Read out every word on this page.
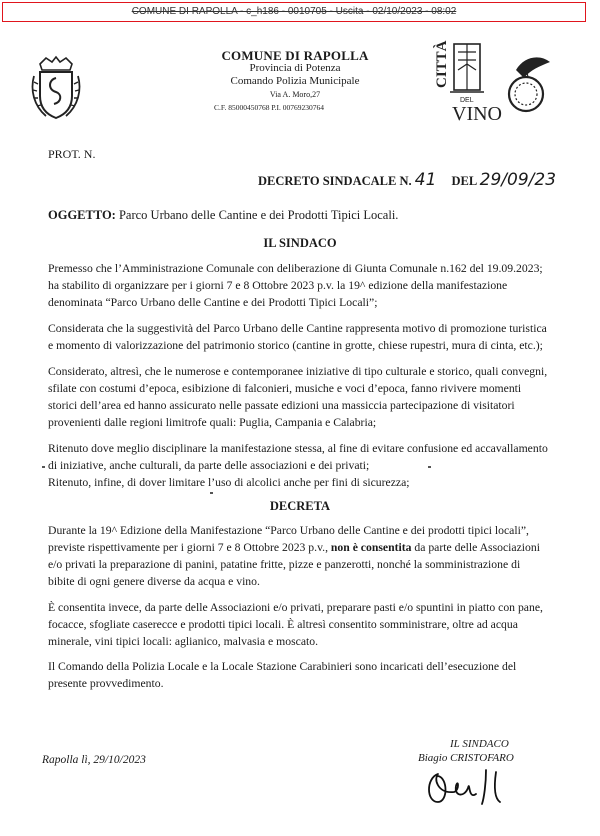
COMUNE DI RAPOLLA - c_h186 - 0010705 - Uscita - 02/10/2023 - 08:02
COMUNE DI RAPOLLA
Provincia di Potenza
Comando Polizia Municipale
Via A. Moro,27
C.F. 85000450768 P.I. 00769230764
CITTÀ
DEL
VINO
PROT. N.
DECRETO SINDACALE N. 41 DEL 29/09/23
OGGETTO: Parco Urbano delle Cantine e dei Prodotti Tipici Locali.
IL SINDACO
Premesso che l’Amministrazione Comunale con deliberazione di Giunta Comunale n.162 del 19.09.2023; ha stabilito di organizzare per i giorni 7 e 8 Ottobre 2023 p.v. la 19^ edizione della manifestazione denominata “Parco Urbano delle Cantine e dei Prodotti Tipici Locali”;
Considerata che la suggestività del Parco Urbano delle Cantine rappresenta motivo di promozione turistica e momento di valorizzazione del patrimonio storico (cantine in grotte, chiese rupestri, mura di cinta, etc.);
Considerato, altresì, che le numerose e contemporanee iniziative di tipo culturale e storico, quali convegni, sfilate con costumi d’epoca, esibizione di falconieri, musiche e voci d’epoca, fanno rivivere momenti storici dell’area ed hanno assicurato nelle passate edizioni una massiccia partecipazione di visitatori provenienti dalle regioni limitrofe quali: Puglia, Campania e Calabria;
Ritenuto dove meglio disciplinare la manifestazione stessa, al fine di evitare confusione ed accavallamento di iniziative, anche culturali, da parte delle associazioni e dei privati;
Ritenuto, infine, di dover limitare l’uso di alcolici anche per fini di sicurezza;
DECRETA
Durante la 19^ Edizione della Manifestazione “Parco Urbano delle Cantine e dei prodotti tipici locali”, previste rispettivamente per i giorni 7 e 8 Ottobre 2023 p.v., non è consentita da parte delle Associazioni e/o privati la preparazione di panini, patatine fritte, pizze e panzerotti, nonché la somministrazione di bibite di ogni genere diverse da acqua e vino.
È consentita invece, da parte delle Associazioni e/o privati, preparare pasti e/o spuntini in piatto con pane, focacce, sfogliate caserecce e prodotti tipici locali. È altresì consentito somministrare, oltre ad acqua minerale, vini tipici locali: aglianico, malvasia e moscato.
Il Comando della Polizia Locale e la Locale Stazione Carabinieri sono incaricati dell’esecuzione del presente provvedimento.
Rapolla lì, 29/10/2023
IL SINDACO
Biagio CRISTOFARO
